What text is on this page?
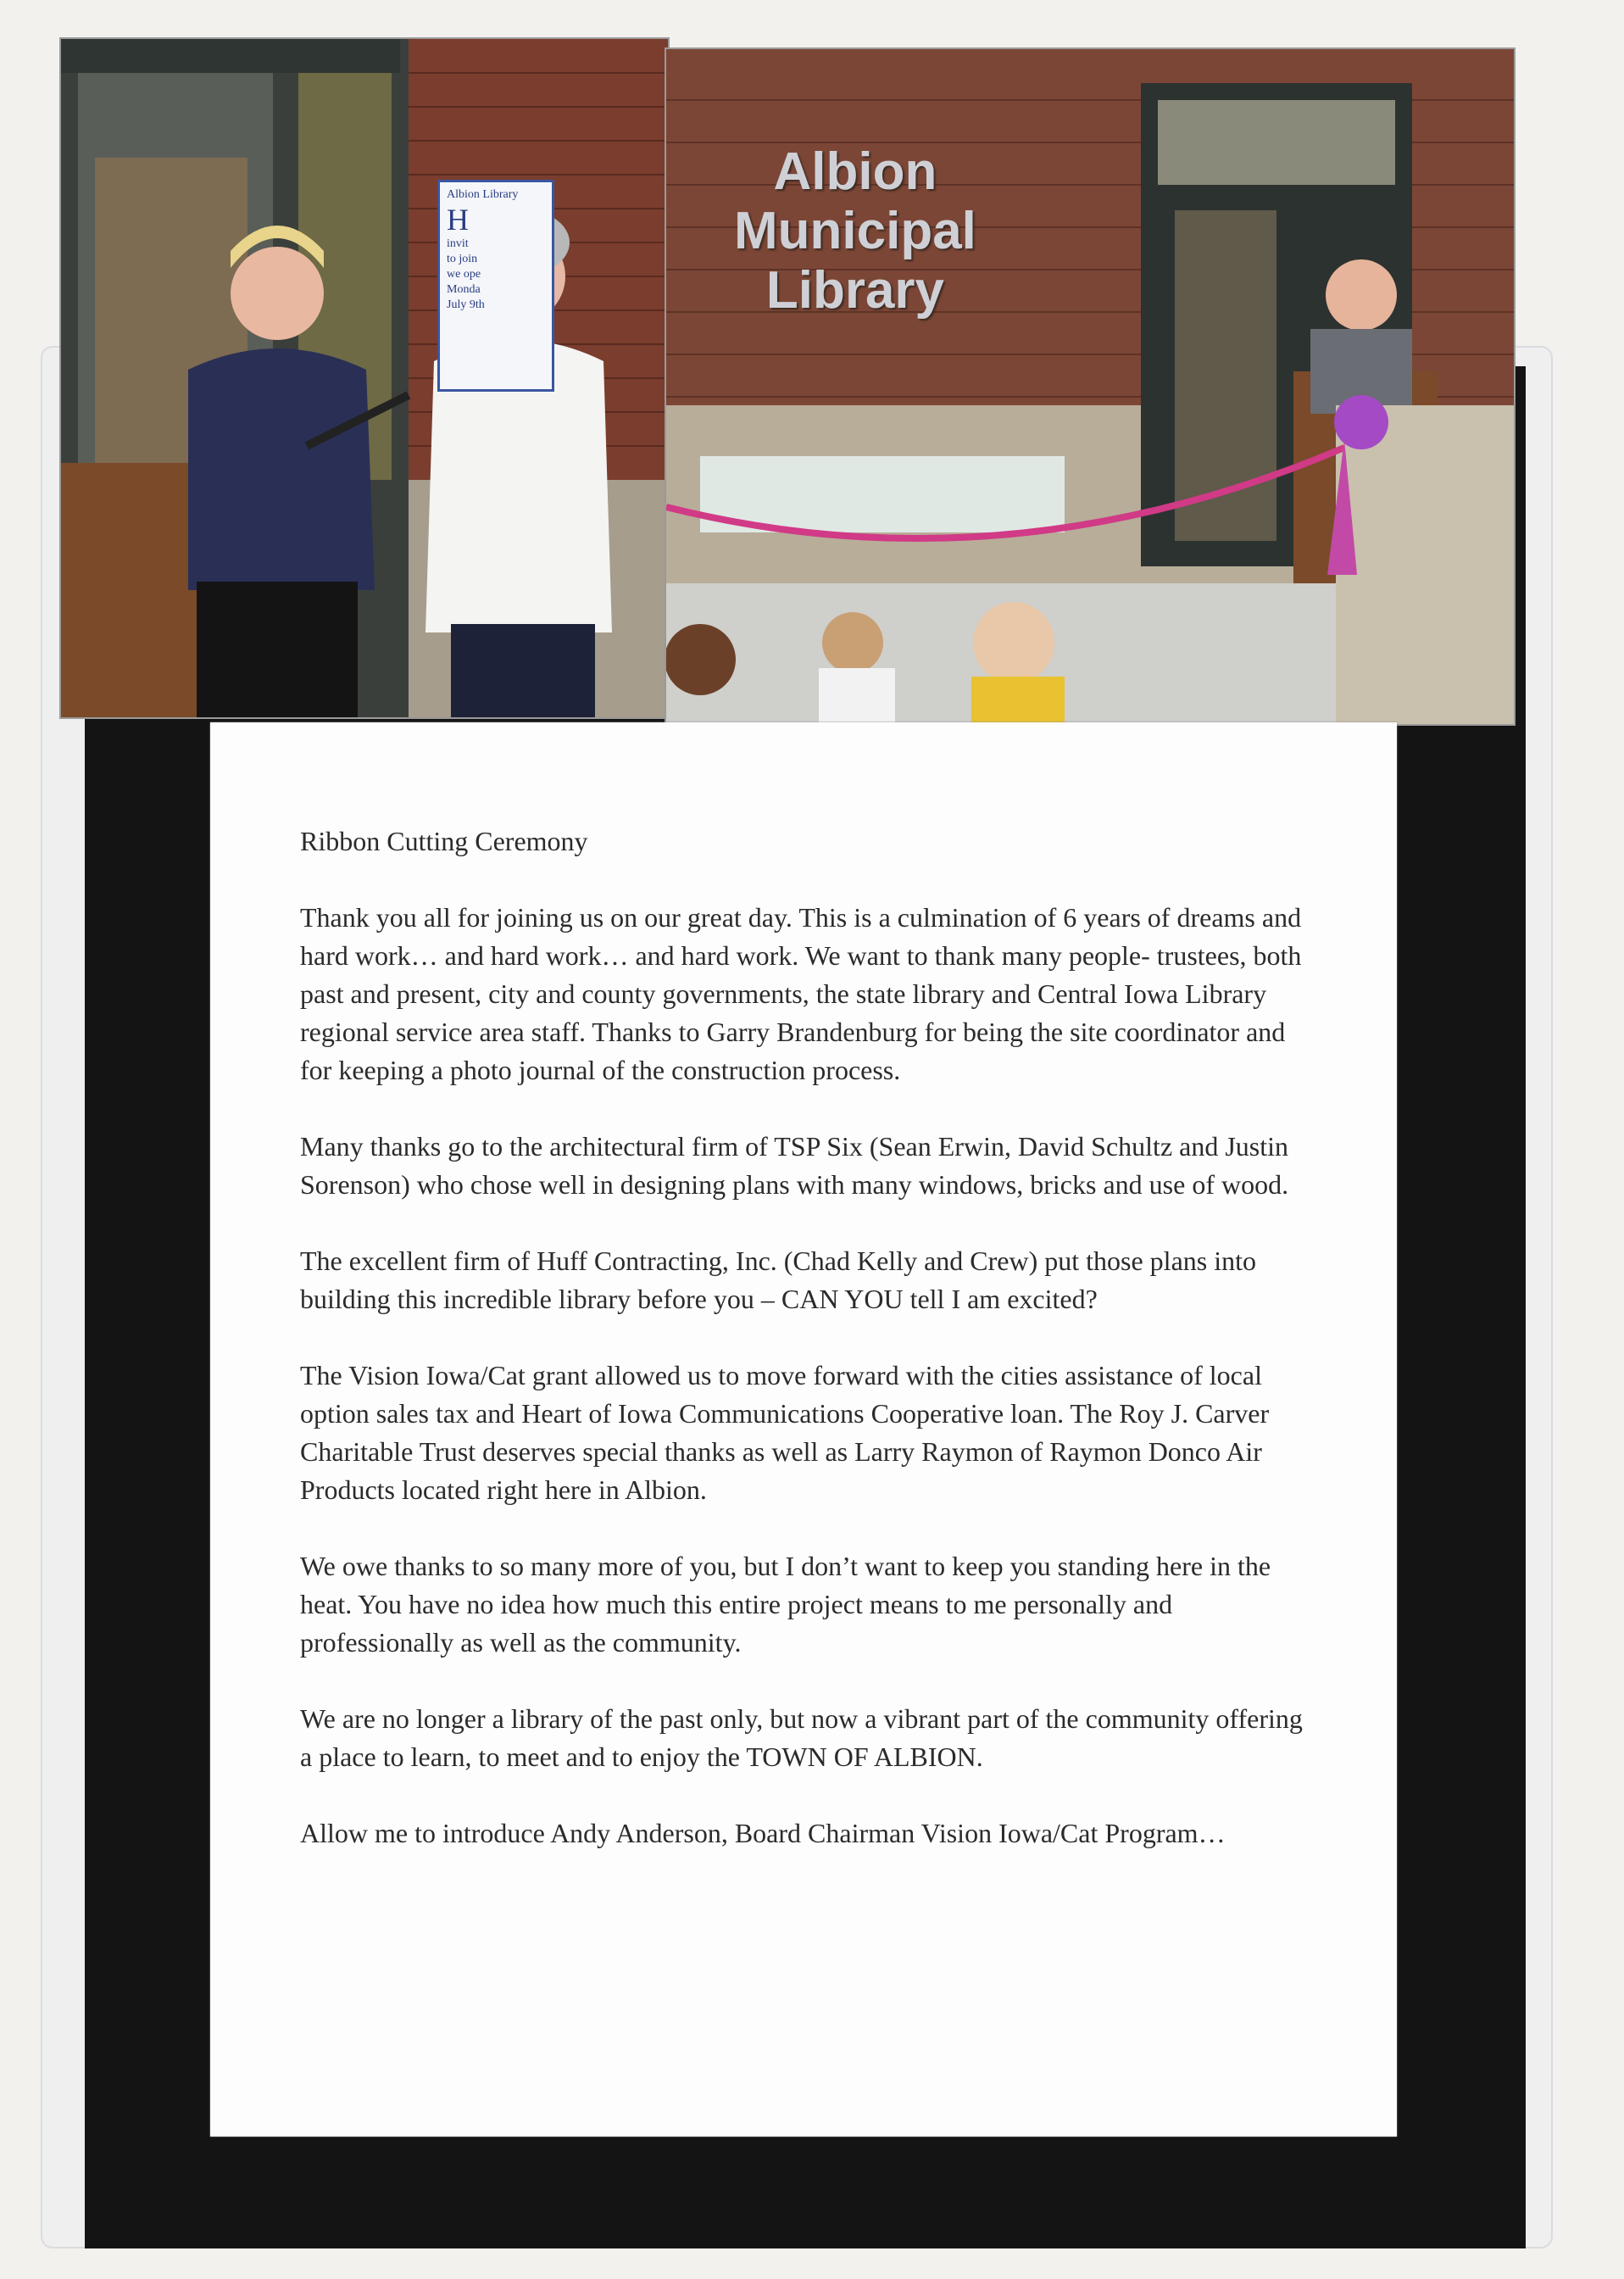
Albion Library
H
invit
to join
we ope
Monda
July 9th
Albion
Municipal
Library

Ribbon Cutting Ceremony

Thank you all for joining us on our great day. This is a culmination of 6 years of dreams and hard work… and hard work… and hard work. We want to thank many people- trustees, both past and present, city and county governments, the state library and Central Iowa Library regional service area staff. Thanks to Garry Brandenburg for being the site coordinator and for keeping a photo journal of the construction process.

Many thanks go to the architectural firm of TSP Six (Sean Erwin, David Schultz and Justin Sorenson) who chose well in designing plans with many windows, bricks and use of wood.

The excellent firm of Huff Contracting, Inc. (Chad Kelly and Crew) put those plans into building this incredible library before you – CAN YOU tell I am excited?

The Vision Iowa/Cat grant allowed us to move forward with the cities assistance of local option sales tax and Heart of Iowa Communications Cooperative loan. The Roy J. Carver Charitable Trust deserves special thanks as well as Larry Raymon of Raymon Donco Air Products located right here in Albion.

We owe thanks to so many more of you, but I don’t want to keep you standing here in the heat. You have no idea how much this entire project means to me personally and professionally as well as the community.

We are no longer a library of the past only, but now a vibrant part of the community offering a place to learn, to meet and to enjoy the TOWN OF ALBION.

Allow me to introduce Andy Anderson, Board Chairman Vision Iowa/Cat Program…
